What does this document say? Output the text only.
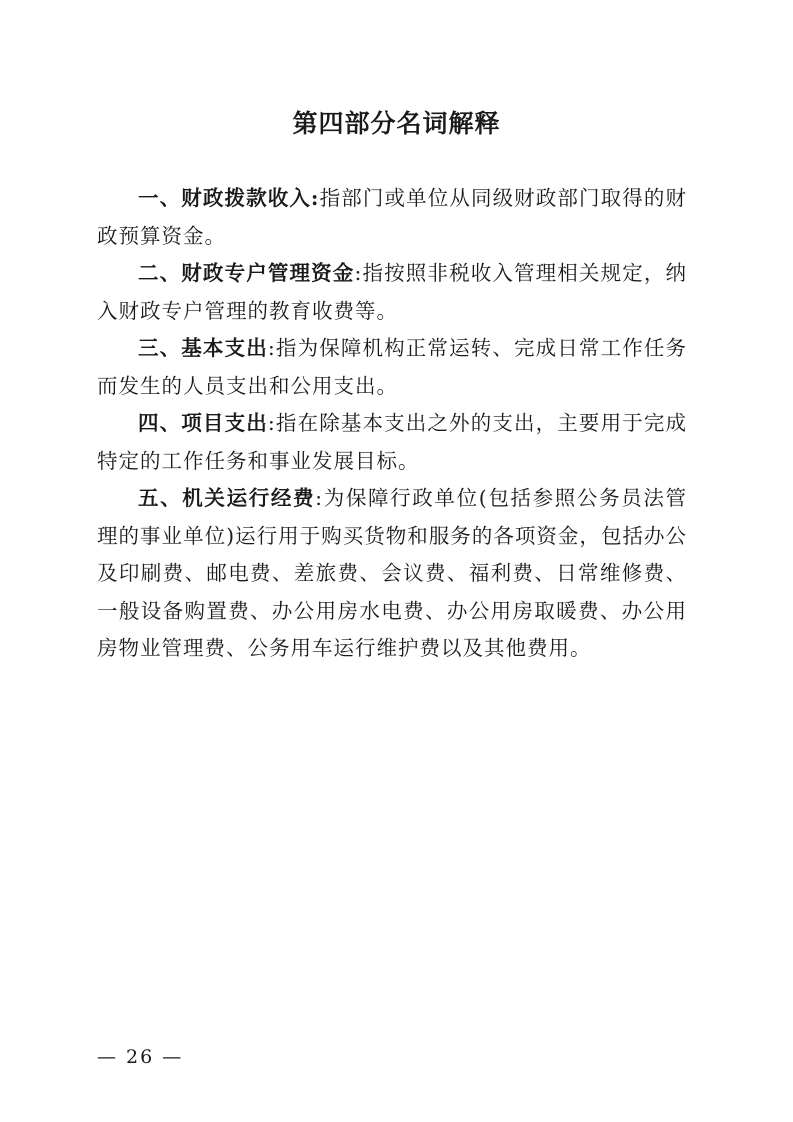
第四部分名词解释

一、财政拨款收入:指部门或单位从同级财政部门取得的财政预算资金。

二、财政专户管理资金:指按照非税收入管理相关规定，纳入财政专户管理的教育收费等。

三、基本支出:指为保障机构正常运转、完成日常工作任务而发生的人员支出和公用支出。

四、项目支出:指在除基本支出之外的支出，主要用于完成特定的工作任务和事业发展目标。

五、机关运行经费:为保障行政单位(包括参照公务员法管理的事业单位)运行用于购买货物和服务的各项资金，包括办公及印刷费、邮电费、差旅费、会议费、福利费、日常维修费、一般设备购置费、办公用房水电费、办公用房取暖费、办公用房物业管理费、公务用车运行维护费以及其他费用。

— 26 —
